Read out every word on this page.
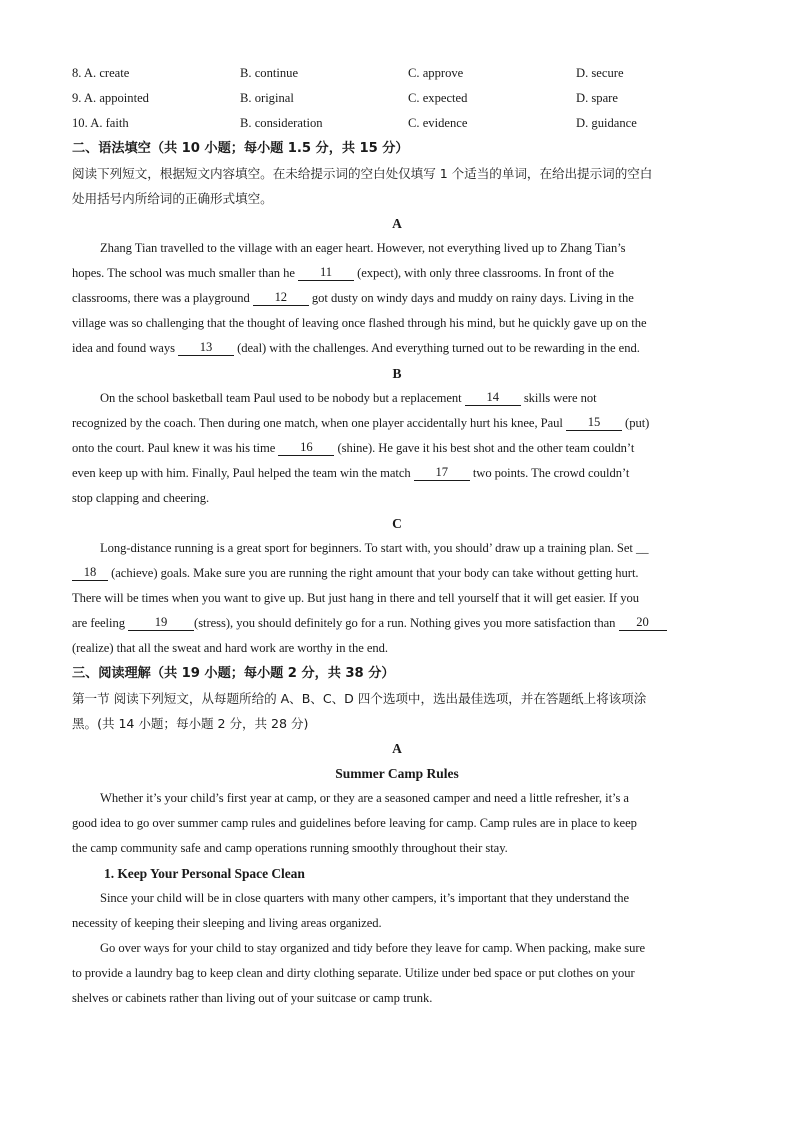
8. A. create	B. continue	C. approve	D. secure
9. A. appointed	B. original	C. expected	D. spare
10. A. faith	B. consideration	C. evidence	D. guidance
二、语法填空（共 10 小题；每小题 1.5 分，共 15 分）
阅读下列短文，根据短文内容填空。在未给提示词的空白处仅填写 1 个适当的单词，在给出提示词的空白
处用括号内所给词的正确形式填空。
A
Zhang Tian travelled to the village with an eager heart. However, not everything lived up to Zhang Tian’s
hopes. The school was much smaller than he 11 (expect), with only three classrooms. In front of the
classrooms, there was a playground 12 got dusty on windy days and muddy on rainy days. Living in the
village was so challenging that the thought of leaving once flashed through his mind, but he quickly gave up on the
idea and found ways 13 (deal) with the challenges. And everything turned out to be rewarding in the end.
B
On the school basketball team Paul used to be nobody but a replacement 14 skills were not
recognized by the coach. Then during one match, when one player accidentally hurt his knee, Paul 15 (put)
onto the court. Paul knew it was his time 16 (shine). He gave it his best shot and the other team couldn’t
even keep up with him. Finally, Paul helped the team win the match 17 two points. The crowd couldn’t
stop clapping and cheering.
C
Long-distance running is a great sport for beginners. To start with, you should’ draw up a training plan. Set __
18 (achieve) goals. Make sure you are running the right amount that your body can take without getting hurt.
There will be times when you want to give up. But just hang in there and tell yourself that it will get easier. If you
are feeling 19 (stress), you should definitely go for a run. Nothing gives you more satisfaction than 20
(realize) that all the sweat and hard work are worthy in the end.
三、阅读理解（共 19 小题；每小题 2 分，共 38 分）
第一节 阅读下列短文，从每题所给的 A、B、C、D 四个选项中，选出最佳选项，并在答题纸上将该项涂
黑。(共 14 小题；每小题 2 分，共 28 分)
A
Summer Camp Rules
Whether it’s your child’s first year at camp, or they are a seasoned camper and need a little refresher, it’s a
good idea to go over summer camp rules and guidelines before leaving for camp. Camp rules are in place to keep
the camp community safe and camp operations running smoothly throughout their stay.
1. Keep Your Personal Space Clean
Since your child will be in close quarters with many other campers, it’s important that they understand the
necessity of keeping their sleeping and living areas organized.
Go over ways for your child to stay organized and tidy before they leave for camp. When packing, make sure
to provide a laundry bag to keep clean and dirty clothing separate. Utilize under bed space or put clothes on your
shelves or cabinets rather than living out of your suitcase or camp trunk.
